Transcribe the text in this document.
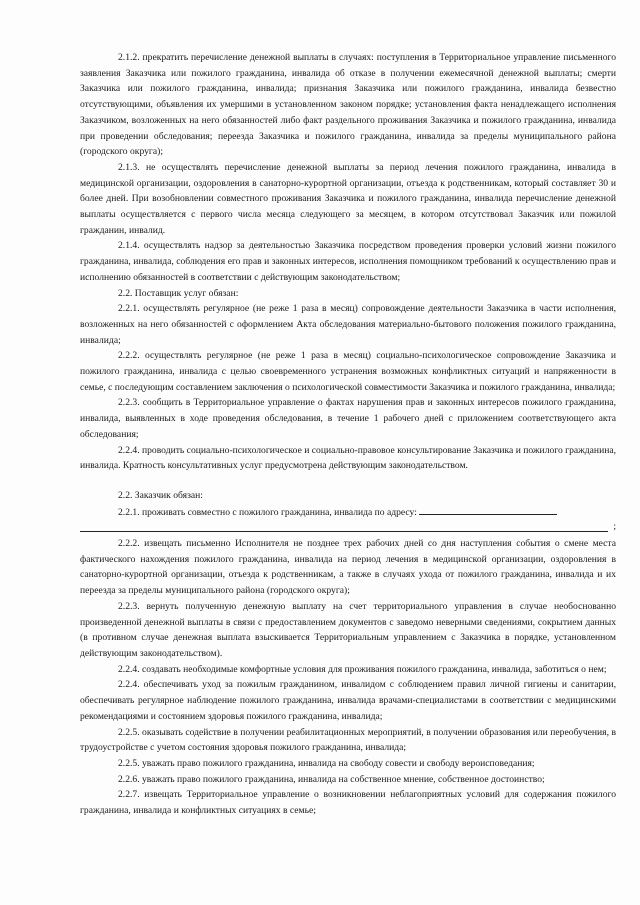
2.1.2. прекратить перечисление денежной выплаты в случаях: поступления в Территориальное управление письменного заявления Заказчика или пожилого гражданина, инвалида об отказе в получении ежемесячной денежной выплаты; смерти Заказчика или пожилого гражданина, инвалида; признания Заказчика или пожилого гражданина, инвалида безвестно отсутствующими, объявления их умершими в установленном законом порядке; установления факта ненадлежащего исполнения Заказчиком, возложенных на него обязанностей либо факт раздельного проживания Заказчика и пожилого гражданина, инвалида при проведении обследования; переезда Заказчика и пожилого гражданина, инвалида за пределы муниципального района (городского округа);

2.1.3. не осуществлять перечисление денежной выплаты за период лечения пожилого гражданина, инвалида в медицинской организации, оздоровления в санаторно-курортной организации, отъезда к родственникам, который составляет 30 и более дней. При возобновлении совместного проживания Заказчика и пожилого гражданина, инвалида перечисление денежной выплаты осуществляется с первого числа месяца следующего за месяцем, в котором отсутствовал Заказчик или пожилой гражданин, инвалид.

2.1.4. осуществлять надзор за деятельностью Заказчика посредством проведения проверки условий жизни пожилого гражданина, инвалида, соблюдения его прав и законных интересов, исполнения помощником требований к осуществлению прав и исполнению обязанностей в соответствии с действующим законодательством;

2.2. Поставщик услуг обязан:

2.2.1. осуществлять регулярное (не реже 1 раза в месяц) сопровождение деятельности Заказчика в части исполнения, возложенных на него обязанностей с оформлением Акта обследования материально-бытового положения пожилого гражданина, инвалида;

2.2.2. осуществлять регулярное (не реже 1 раза в месяц) социально-психологическое сопровождение Заказчика и пожилого гражданина, инвалида с целью своевременного устранения возможных конфликтных ситуаций и напряженности в семье, с последующим составлением заключения о психологической совместимости Заказчика и пожилого гражданина, инвалида;

2.2.3. сообщить в Территориальное управление о фактах нарушения прав и законных интересов пожилого гражданина, инвалида, выявленных в ходе проведения обследования, в течение 1 рабочего дней с приложением соответствующего акта обследования;

2.2.4. проводить социально-психологическое и социально-правовое консультирование Заказчика и пожилого гражданина, инвалида. Кратность консультативных услуг предусмотрена действующим законодательством.

2.2. Заказчик обязан:

2.2.1. проживать совместно с пожилого гражданина, инвалида по адресу:

;

2.2.2. извещать письменно Исполнителя не позднее трех рабочих дней со дня наступления события о смене места фактического нахождения пожилого гражданина, инвалида на период лечения в медицинской организации, оздоровления в санаторно-курортной организации, отъезда к родственникам, а также в случаях ухода от пожилого гражданина, инвалида и их переезда за пределы муниципального района (городского округа);

2.2.3. вернуть полученную денежную выплату на счет территориального управления в случае необоснованно произведенной денежной выплаты в связи с предоставлением документов с заведомо неверными сведениями, сокрытием данных (в противном случае денежная выплата взыскивается Территориальным управлением с Заказчика в порядке, установленном действующим законодательством).

2.2.4. создавать необходимые комфортные условия для проживания пожилого гражданина, инвалида, заботиться о нем;

2.2.4. обеспечивать уход за пожилым гражданином, инвалидом с соблюдением правил личной гигиены и санитарии, обеспечивать регулярное наблюдение пожилого гражданина, инвалида врачами-специалистами в соответствии с медицинскими рекомендациями и состоянием здоровья пожилого гражданина, инвалида;

2.2.5. оказывать содействие в получении реабилитационных мероприятий, в получении образования или переобучения, в трудоустройстве с учетом состояния здоровья пожилого гражданина, инвалида;

2.2.5. уважать право пожилого гражданина, инвалида на свободу совести и свободу вероисповедания;

2.2.6. уважать право пожилого гражданина, инвалида на собственное мнение, собственное достоинство;

2.2.7. извещать Территориальное управление о возникновении неблагоприятных условий для содержания пожилого гражданина, инвалида и конфликтных ситуациях в семье;
